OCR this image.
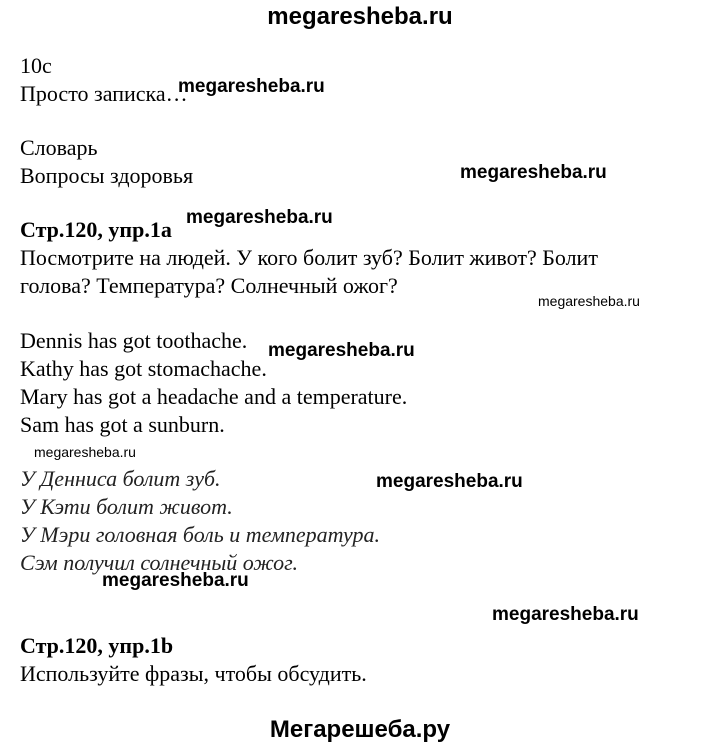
megaresheba.ru
10c
Просто записка…
Словарь
Вопросы здоровья
Стр.120, упр.1a
Посмотрите на людей. У кого болит зуб? Болит живот? Болит
голова? Температура? Солнечный ожог?
Dennis has got toothache.
Kathy has got stomachache.
Mary has got a headache and a temperature.
Sam has got a sunburn.
У Денниса болит зуб.
У Кэти болит живот.
У Мэри головная боль и температура.
Сэм получил солнечный ожог.
Стр.120, упр.1b
Используйте фразы, чтобы обсудить.
megaresheba.ru
megaresheba.ru
megaresheba.ru
megaresheba.ru
megaresheba.ru
megaresheba.ru
megaresheba.ru
megaresheba.ru
megaresheba.ru
Мегарешеба.ру
